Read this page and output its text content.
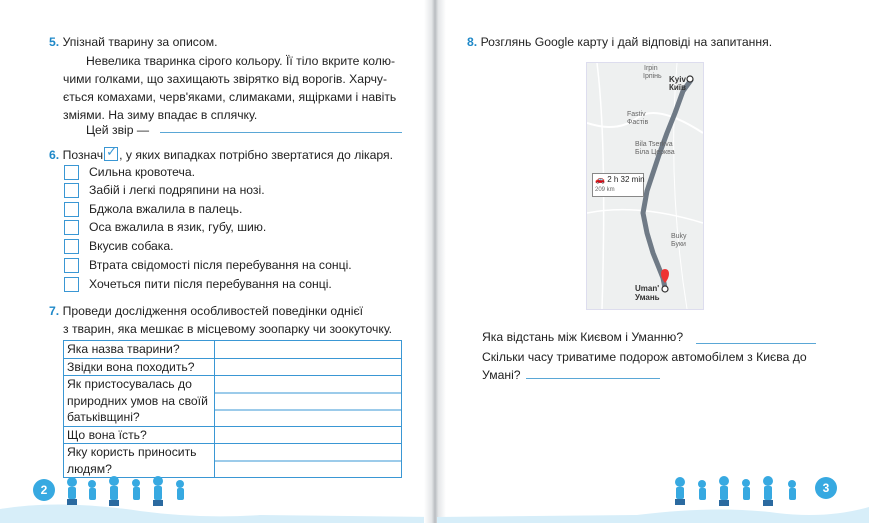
5. Упізнай тварину за описом.
Невелика тваринка сірого кольору. Її тіло вкрите колю-
чими голками, що захищають звірятко від ворогів. Харчу-
ється комахами, черв'яками, слимаками, ящірками і навіть
зміями. На зиму впадає в сплячку.
Цей звір —
6. Познач ✓ , у яких випадках потрібно звертатися до лікаря.
Сильна кровотеча.
Забій і легкі подряпини на нозі.
Бджола вжалила в палець.
Оса вжалила в язик, губу, шию.
Вкусив собака.
Втрата свідомості після перебування на сонці.
Хочеться пити після перебування на сонці.
7. Проведи дослідження особливостей поведінки однієї
з тварин, яка мешкає в місцевому зоопарку чи зоокуточку.
Яка назва тварини?	

Звідки вона походить?	

Як пристосувалась до
природних умов на своїй
батьківщині?	

Що вона їсть?	

Яку користь приносить
людям?	

2
8. Розглянь Google карту і дай відповіді на запитання.
Irpin
Ірпінь Kyiv
Київ
Fastiv
Фастів
Bila Tserkva
Біла Церква
Buky
Буки
Uman'
Умань
🚗 2 h 32 min
209 km
Яка відстань між Києвом і Уманню?
Скільки часу триватиме подорож автомобілем з Києва до
Умані?
3
